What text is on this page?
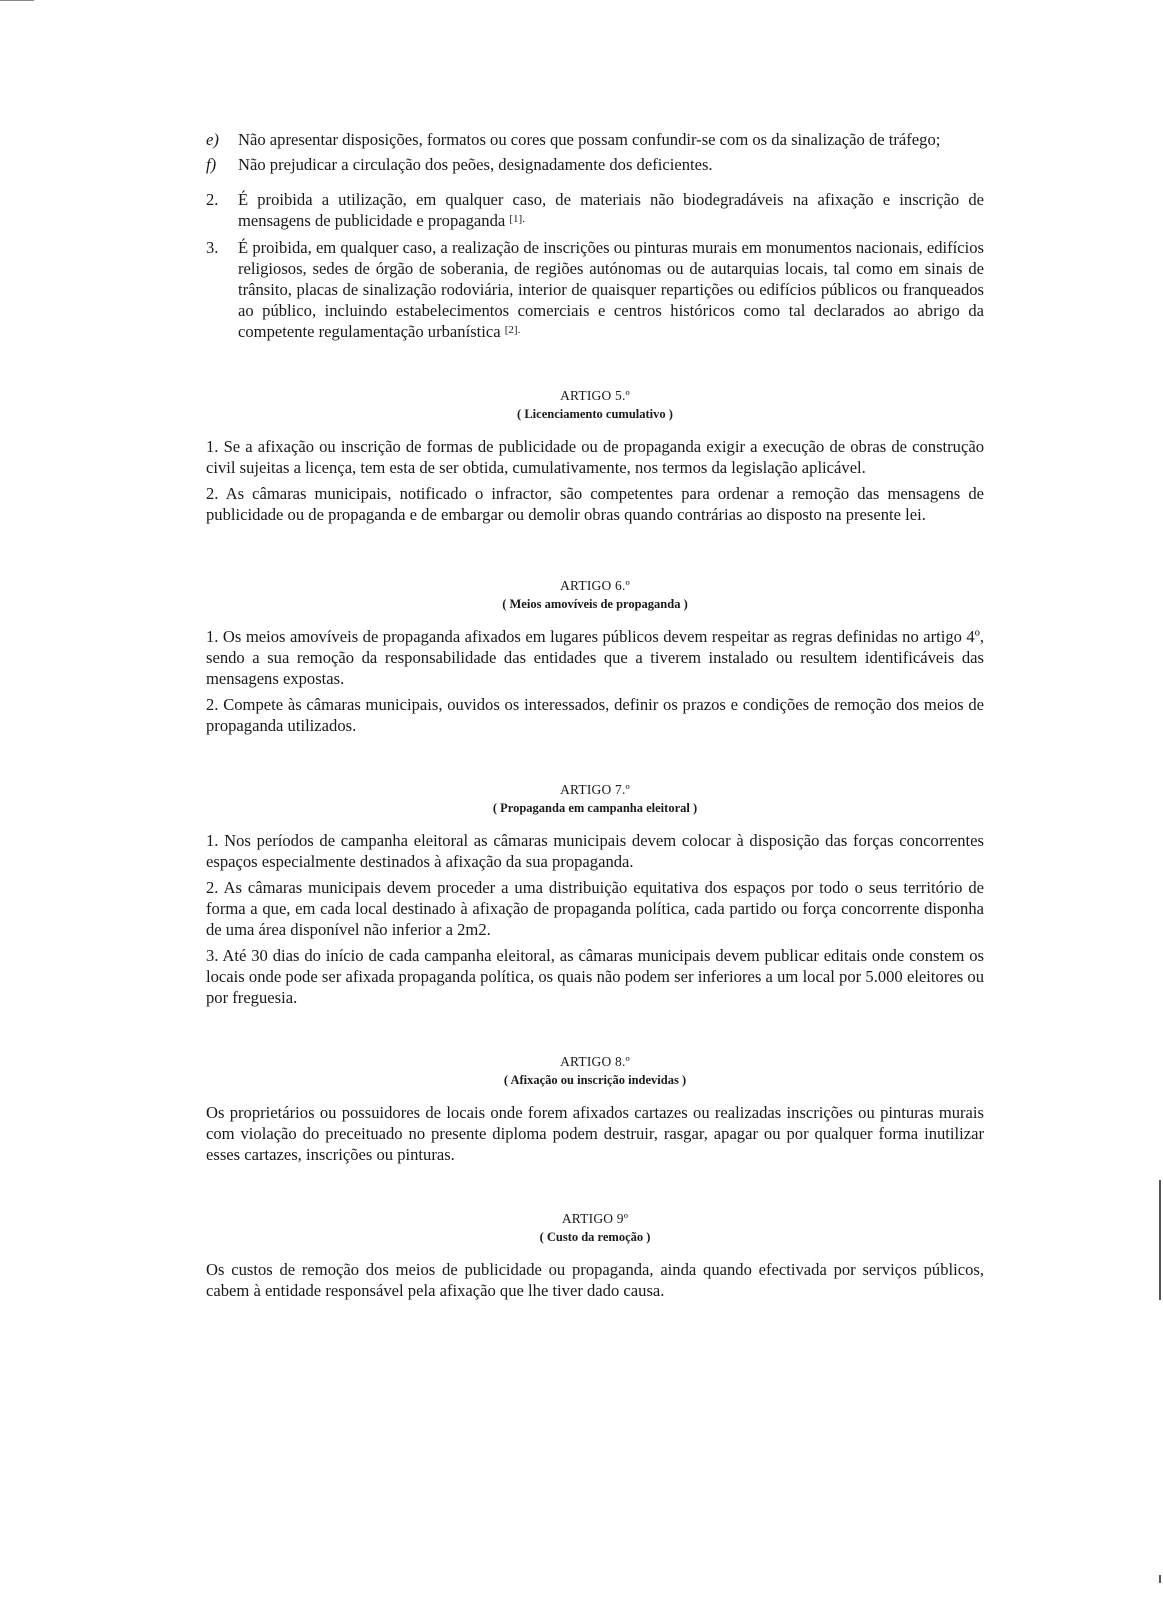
e) Não apresentar disposições, formatos ou cores que possam confundir-se com os da sinalização de tráfego;
f) Não prejudicar a circulação dos peões, designadamente dos deficientes.
2. É proibida a utilização, em qualquer caso, de materiais não biodegradáveis na afixação e inscrição de mensagens de publicidade e propaganda $^{[1].}$
3. É proibida, em qualquer caso, a realização de inscrições ou pinturas murais em monumentos nacionais, edifícios religiosos, sedes de órgão de soberania, de regiões autónomas ou de autarquias locais, tal como em sinais de trânsito, placas de sinalização rodoviária, interior de quaisquer repartições ou edifícios públicos ou franqueados ao público, incluindo estabelecimentos comerciais e centros históricos como tal declarados ao abrigo da competente regulamentação urbanística $^{[2].}$
ARTIGO 5.º
( Licenciamento cumulativo )

1. Se a afixação ou inscrição de formas de publicidade ou de propaganda exigir a execução de obras de construção civil sujeitas a licença, tem esta de ser obtida, cumulativamente, nos termos da legislação aplicável.

2. As câmaras municipais, notificado o infractor, são competentes para ordenar a remoção das mensagens de publicidade ou de propaganda e de embargar ou demolir obras quando contrárias ao disposto na presente lei.

ARTIGO 6.º
( Meios amovíveis de propaganda )

1. Os meios amovíveis de propaganda afixados em lugares públicos devem respeitar as regras definidas no artigo 4º, sendo a sua remoção da responsabilidade das entidades que a tiverem instalado ou resultem identificáveis das mensagens expostas.

2. Compete às câmaras municipais, ouvidos os interessados, definir os prazos e condições de remoção dos meios de propaganda utilizados.

ARTIGO 7.º
( Propaganda em campanha eleitoral )

1. Nos períodos de campanha eleitoral as câmaras municipais devem colocar à disposição das forças concorrentes espaços especialmente destinados à afixação da sua propaganda.

2. As câmaras municipais devem proceder a uma distribuição equitativa dos espaços por todo o seus território de forma a que, em cada local destinado à afixação de propaganda política, cada partido ou força concorrente disponha de uma área disponível não inferior a 2m2.

3. Até 30 dias do início de cada campanha eleitoral, as câmaras municipais devem publicar editais onde constem os locais onde pode ser afixada propaganda política, os quais não podem ser inferiores a um local por 5.000 eleitores ou por freguesia.

ARTIGO 8.º
( Afixação ou inscrição indevidas )

Os proprietários ou possuidores de locais onde forem afixados cartazes ou realizadas inscrições ou pinturas murais com violação do preceituado no presente diploma podem destruir, rasgar, apagar ou por qualquer forma inutilizar esses cartazes, inscrições ou pinturas.

ARTIGO 9º
( Custo da remoção )

Os custos de remoção dos meios de publicidade ou propaganda, ainda quando efectivada por serviços públicos, cabem à entidade responsável pela afixação que lhe tiver dado causa.
